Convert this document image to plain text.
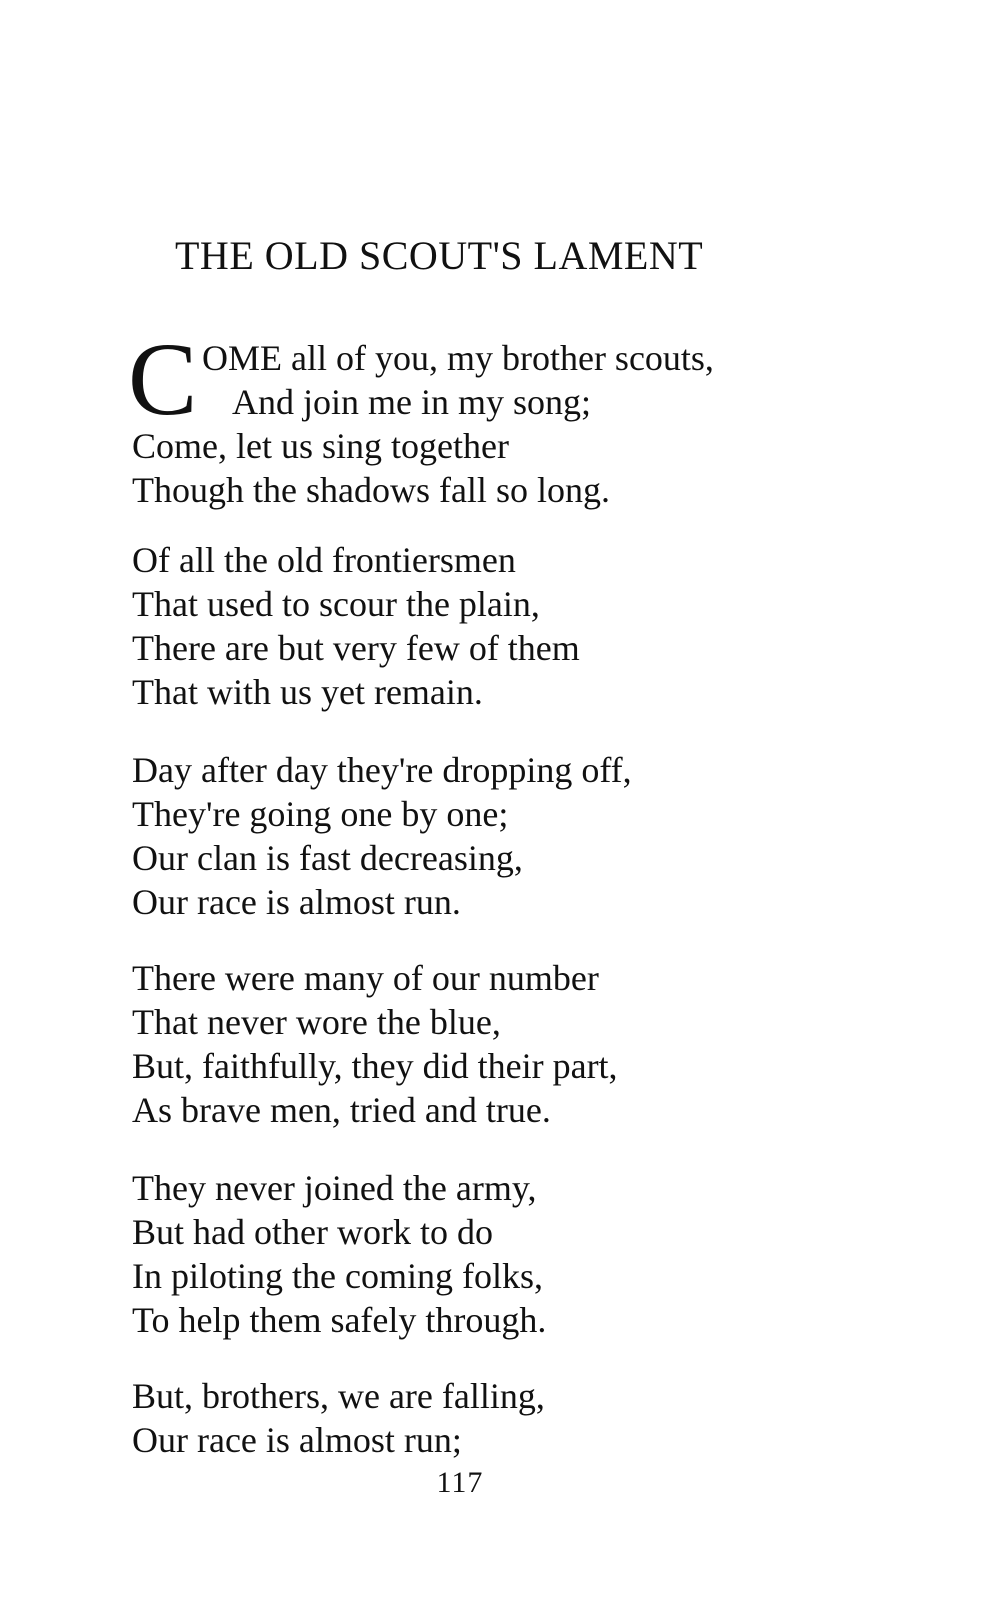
THE OLD SCOUT'S LAMENT
C OME all of you, my brother scouts,
And join me in my song;
Come, let us sing together
Though the shadows fall so long.
Of all the old frontiersmen
That used to scour the plain,
There are but very few of them
That with us yet remain.
Day after day they're dropping off,
They're going one by one;
Our clan is fast decreasing,
Our race is almost run.
There were many of our number
That never wore the blue,
But, faithfully, they did their part,
As brave men, tried and true.
They never joined the army,
But had other work to do
In piloting the coming folks,
To help them safely through.
But, brothers, we are falling,
Our race is almost run;
117
